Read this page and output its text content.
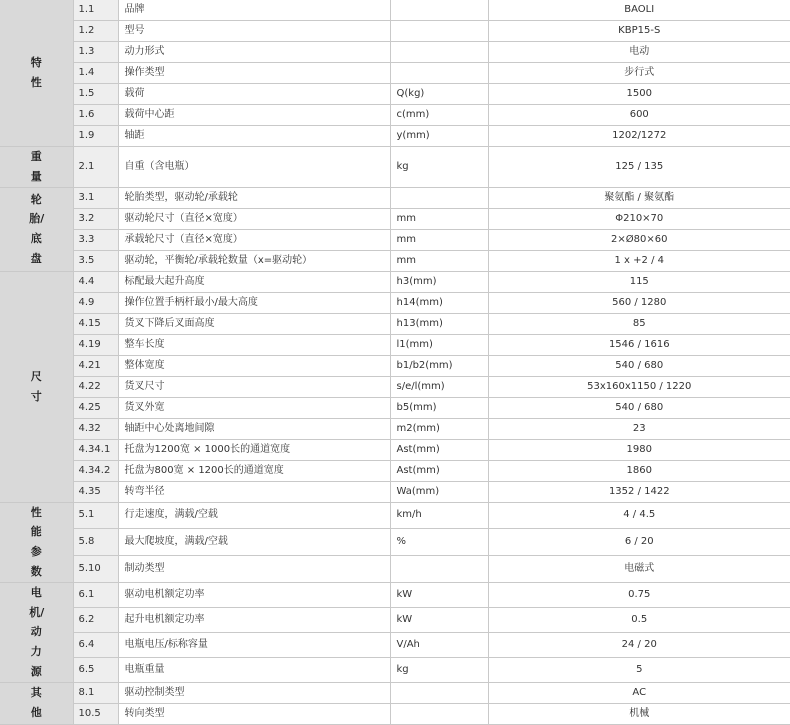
特性	1.1	品牌		BAOLI
	1.2	型号		KBP15-S
	1.3	动力形式		电动
	1.4	操作类型		步行式
	1.5	载荷	Q(kg)	1500
	1.6	载荷中心距	c(mm)	600
	1.9	轴距	y(mm)	1202/1272

重量	2.1	自重（含电瓶）	kg	125 / 135

轮胎/底盘	3.1	轮胎类型，驱动轮/承载轮		聚氨酯 / 聚氨酯
	3.2	驱动轮尺寸（直径×宽度）	mm	Φ210×70
	3.3	承载轮尺寸（直径×宽度）	mm	2×Ø80×60
	3.5	驱动轮，平衡轮/承载轮数量（x=驱动轮）	mm	1 x +2 / 4

尺寸	4.4	标配最大起升高度	h3(mm)	115
	4.9	操作位置手柄杆最小/最大高度	h14(mm)	560 / 1280
	4.15	货叉下降后叉面高度	h13(mm)	85
	4.19	整车长度	l1(mm)	1546 / 1616
	4.21	整体宽度	b1/b2(mm)	540 / 680
	4.22	货叉尺寸	s/e/l(mm)	53x160x1150 / 1220
	4.25	货叉外宽	b5(mm)	540 / 680
	4.32	轴距中心处离地间隙	m2(mm)	23
	4.34.1	托盘为1200宽 × 1000长的通道宽度	Ast(mm)	1980
	4.34.2	托盘为800宽 × 1200长的通道宽度	Ast(mm)	1860
	4.35	转弯半径	Wa(mm)	1352 / 1422

性能参数	5.1	行走速度，满载/空载	km/h	4 / 4.5
	5.8	最大爬坡度，满载/空载	%	6 / 20
	5.10	制动类型		电磁式

电机/动力源	6.1	驱动电机额定功率	kW	0.75
	6.2	起升电机额定功率	kW	0.5
	6.4	电瓶电压/标称容量	V/Ah	24 / 20
	6.5	电瓶重量	kg	5

其他	8.1	驱动控制类型		AC
	10.5	转向类型		机械
